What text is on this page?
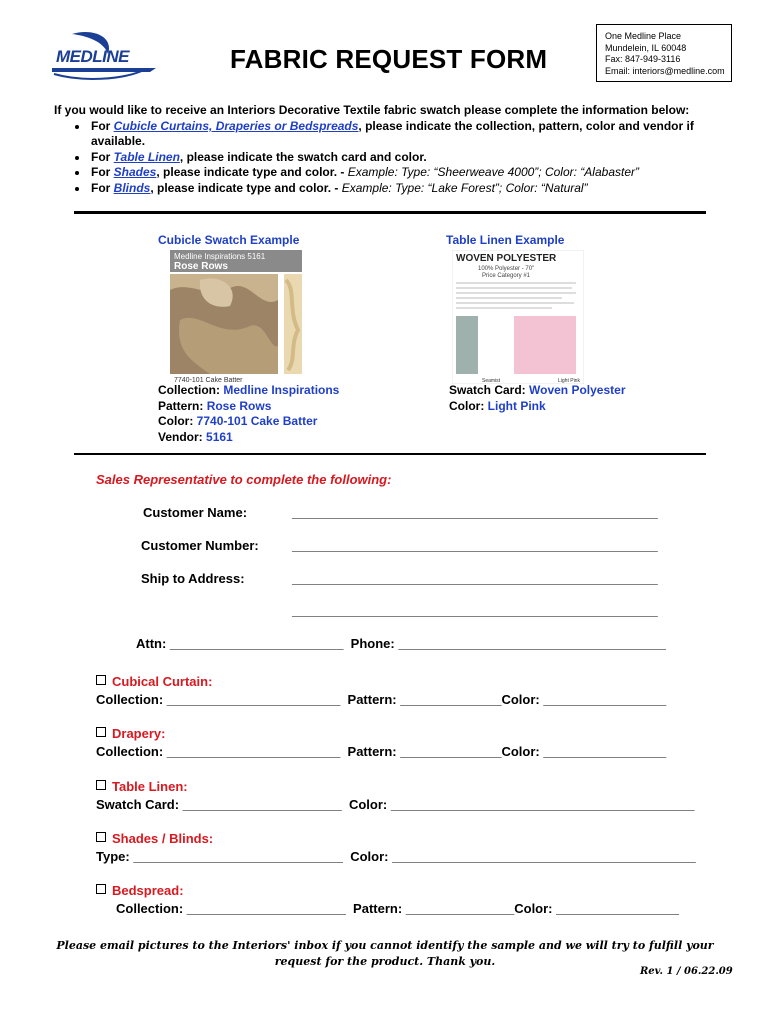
MEDLINE	FABRIC REQUEST FORM
One Medline Place
Mundelein, IL 60048
Fax: 847-949-3116
Email: interiors@medline.com
If you would like to receive an Interiors Decorative Textile fabric swatch please complete the information below:
• For Cubicle Curtains, Draperies or Bedspreads, please indicate the collection, pattern, color and vendor if available.
• For Table Linen, please indicate the swatch card and color.
• For Shades, please indicate type and color. - Example: Type: “Sheerweave 4000”; Color: “Alabaster”
• For Blinds, please indicate type and color. - Example: Type: “Lake Forest”; Color: “Natural”
Cubicle Swatch Example	Table Linen Example
Medline Inspirations 5161
Rose Rows
7740-101 Cake Batter
WOVEN POLYESTER
100% Polyester - 70"
Price Category #1
Seamist	Light Pink
Collection: Medline Inspirations
Pattern: Rose Rows
Color: 7740-101 Cake Batter
Vendor: 5161
Swatch Card: Woven Polyester
Color: Light Pink
Sales Representative to complete the following:
Customer Name:	____________________________________________________
Customer Number:	____________________________________________________
Ship to Address:	____________________________________________________
____________________________________________________
Attn: ________________________  Phone: _____________________________________
Cubical Curtain:
Collection: ________________________  Pattern: ______________Color: _________________
Drapery:
Collection: ________________________  Pattern: ______________Color: _________________
Table Linen:
Swatch Card: ______________________  Color: __________________________________________
Shades / Blinds:
Type: _____________________________  Color: __________________________________________
Bedspread:
Collection: ______________________  Pattern: _______________Color: _________________
Please email pictures to the Interiors' inbox if you cannot identify the sample and we will try to fulfill your request for the product. Thank you.
Rev. 1 / 06.22.09
